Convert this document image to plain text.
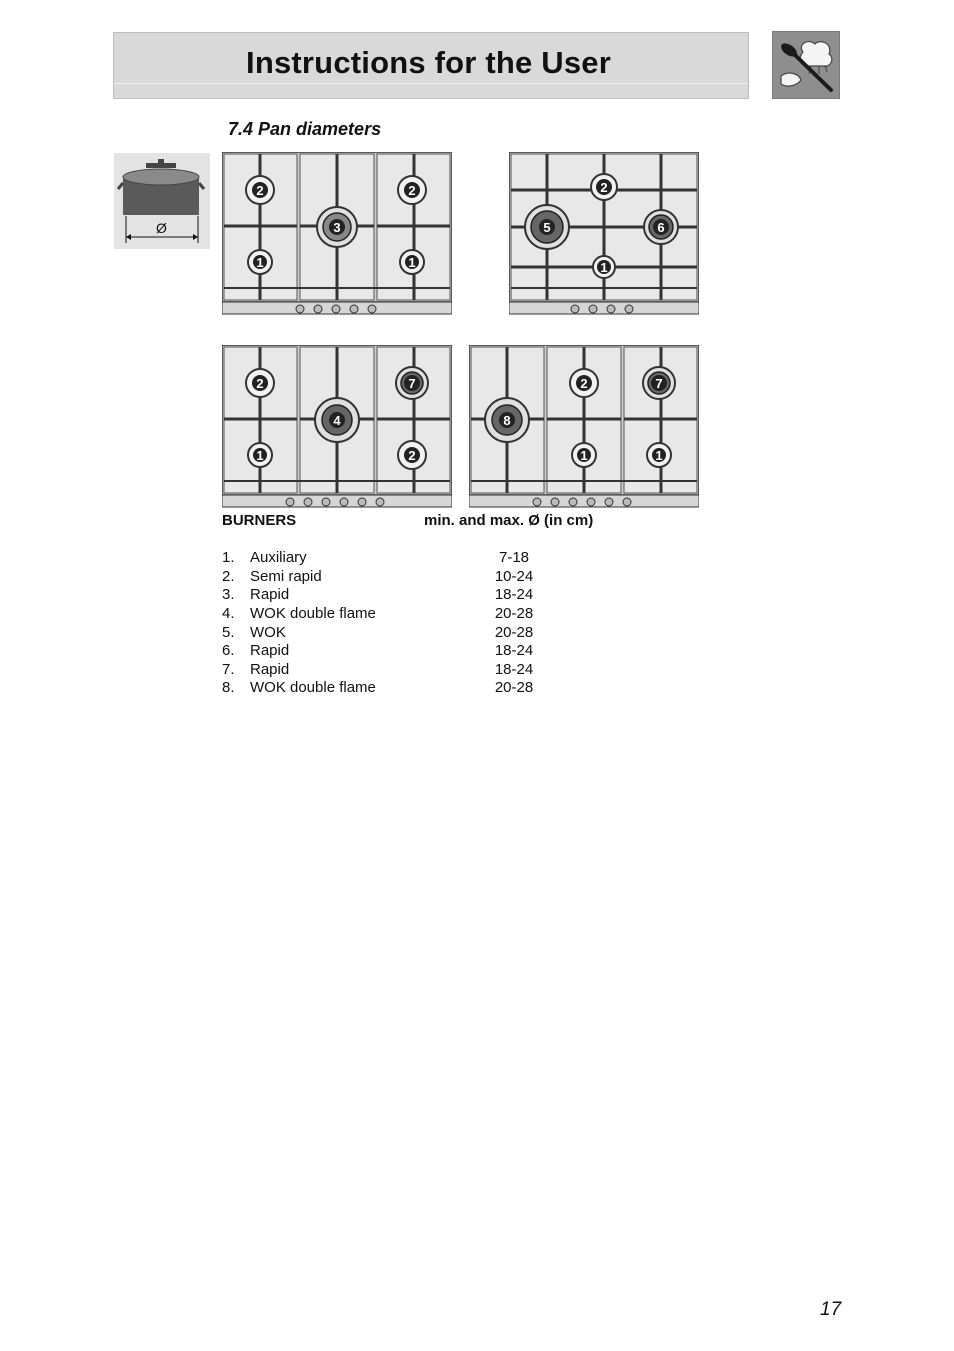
Instructions for the User
7.4 Pan diameters
Ø
2
1
3
2
1
5
2
1
6
2
1
4
7
2
8
2
1
7
1
BURNERS	min. and max. Ø (in cm)
1. Auxiliary	7-18
2. Semi rapid	10-24
3. Rapid	18-24
4. WOK double flame	20-28
5. WOK	20-28
6. Rapid	18-24
7. Rapid	18-24
8. WOK double flame	20-28
17
